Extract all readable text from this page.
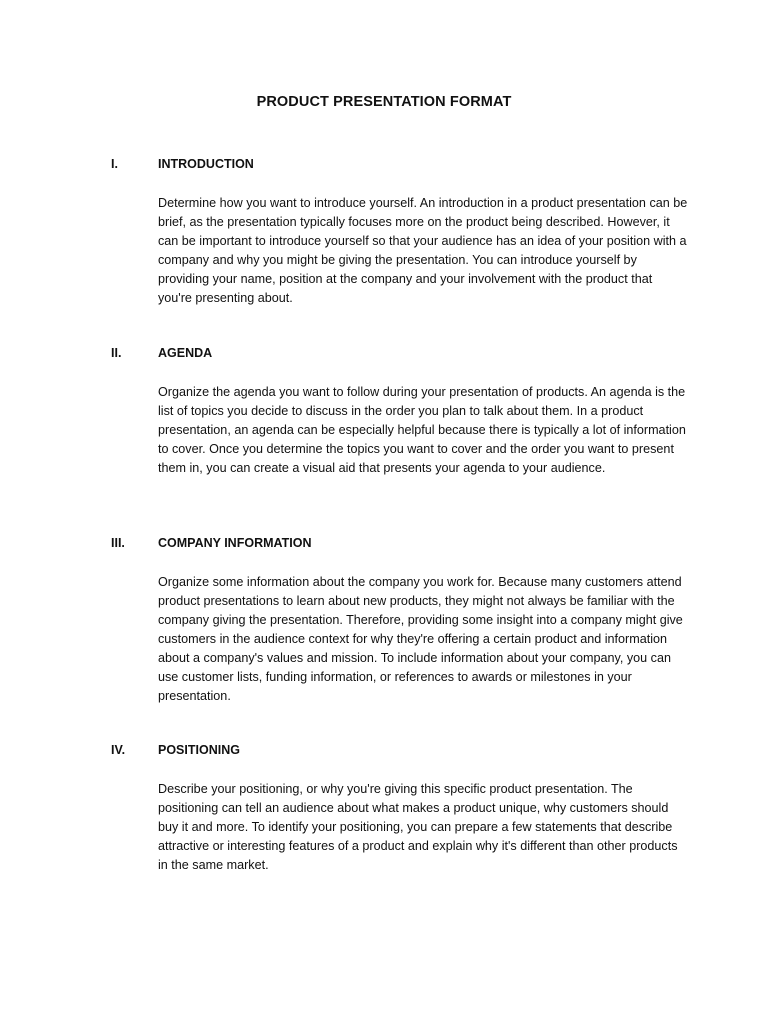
PRODUCT PRESENTATION FORMAT
I.	INTRODUCTION

Determine how you want to introduce yourself. An introduction in a product presentation can be brief, as the presentation typically focuses more on the product being described. However, it can be important to introduce yourself so that your audience has an idea of your position with a company and why you might be giving the presentation. You can introduce yourself by providing your name, position at the company and your involvement with the product that you're presenting about.

II.	AGENDA

Organize the agenda you want to follow during your presentation of products. An agenda is the list of topics you decide to discuss in the order you plan to talk about them. In a product presentation, an agenda can be especially helpful because there is typically a lot of information to cover. Once you determine the topics you want to cover and the order you want to present them in, you can create a visual aid that presents your agenda to your audience.

III.	COMPANY INFORMATION

Organize some information about the company you work for. Because many customers attend product presentations to learn about new products, they might not always be familiar with the company giving the presentation. Therefore, providing some insight into a company might give customers in the audience context for why they're offering a certain product and information about a company's values and mission. To include information about your company, you can use customer lists, funding information, or references to awards or milestones in your presentation.

IV.	POSITIONING

Describe your positioning, or why you're giving this specific product presentation. The positioning can tell an audience about what makes a product unique, why customers should buy it and more. To identify your positioning, you can prepare a few statements that describe attractive or interesting features of a product and explain why it's different than other products in the same market.
